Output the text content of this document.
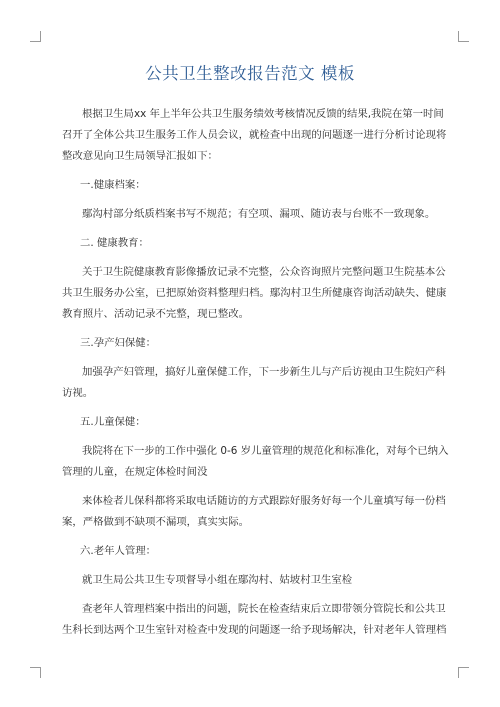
公共卫生整改报告范文 模板
根据卫生局xx 年上半年公共卫生服务绩效考核情况反馈的结果,我院在第一时间
召开了全体公共卫生服务工作人员会议，就检查中出现的问题逐一进行分析讨论现将
整改意见向卫生局领导汇报如下：
一.健康档案：
鄢沟村部分纸质档案书写不规范；有空项、漏项、随访表与台账不一致现象。
二. 健康教育：
关于卫生院健康教育影像播放记录不完整，公众咨询照片完整问题卫生院基本公
共卫生服务办公室，已把原始资料整理归档。鄢沟村卫生所健康咨询活动缺失、健康
教育照片、活动记录不完整，现已整改。
三.孕产妇保健：
加强孕产妇管理，搞好儿童保健工作，下一步新生儿与产后访视由卫生院妇产科
访视。
五.儿童保健：
我院将在下一步的工作中强化 0-6 岁儿童管理的规范化和标准化，对每个已纳入
管理的儿童，在规定体检时间没
来体检者儿保科都将采取电话随访的方式跟踪好服务好每一个儿童填写每一份档
案，严格做到不缺项不漏项，真实实际。
六.老年人管理：
就卫生局公共卫生专项督导小组在鄢沟村、姑坡村卫生室检
查老年人管理档案中指出的问题，院长在检查结束后立即带领分管院长和公共卫
生科长到达两个卫生室针对检查中发现的问题逐一给予现场解决，针对老年人管理档
